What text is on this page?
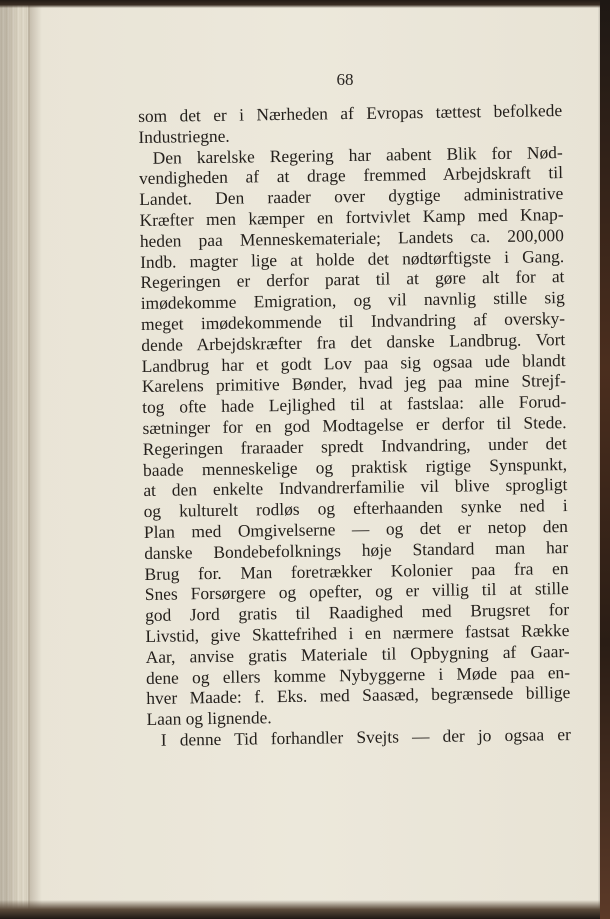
68
som det er i Nærheden af Evropas tættest befolkede
Industriegne.
Den karelske Regering har aabent Blik for Nød-
vendigheden af at drage fremmed Arbejdskraft til
Landet. Den raader over dygtige administrative
Kræfter men kæmper en fortvivlet Kamp med Knap-
heden paa Menneskemateriale; Landets ca. 200,000
Indb. magter lige at holde det nødtørftigste i Gang.
Regeringen er derfor parat til at gøre alt for at
imødekomme Emigration, og vil navnlig stille sig
meget imødekommende til Indvandring af oversky-
dende Arbejdskræfter fra det danske Landbrug. Vort
Landbrug har et godt Lov paa sig ogsaa ude blandt
Karelens primitive Bønder, hvad jeg paa mine Strejf-
tog ofte hade Lejlighed til at fastslaa: alle Forud-
sætninger for en god Modtagelse er derfor til Stede.
Regeringen fraraader spredt Indvandring, under det
baade menneskelige og praktisk rigtige Synspunkt,
at den enkelte Indvandrerfamilie vil blive sprogligt
og kulturelt rodløs og efterhaanden synke ned i
Plan med Omgivelserne — og det er netop den
danske Bondebefolknings høje Standard man har
Brug for. Man foretrækker Kolonier paa fra en
Snes Forsørgere og opefter, og er villig til at stille
god Jord gratis til Raadighed med Brugsret for
Livstid, give Skattefrihed i en nærmere fastsat Række
Aar, anvise gratis Materiale til Opbygning af Gaar-
dene og ellers komme Nybyggerne i Møde paa en-
hver Maade: f. Eks. med Saasæd, begrænsede billige
Laan og lignende.
I denne Tid forhandler Svejts — der jo ogsaa er
